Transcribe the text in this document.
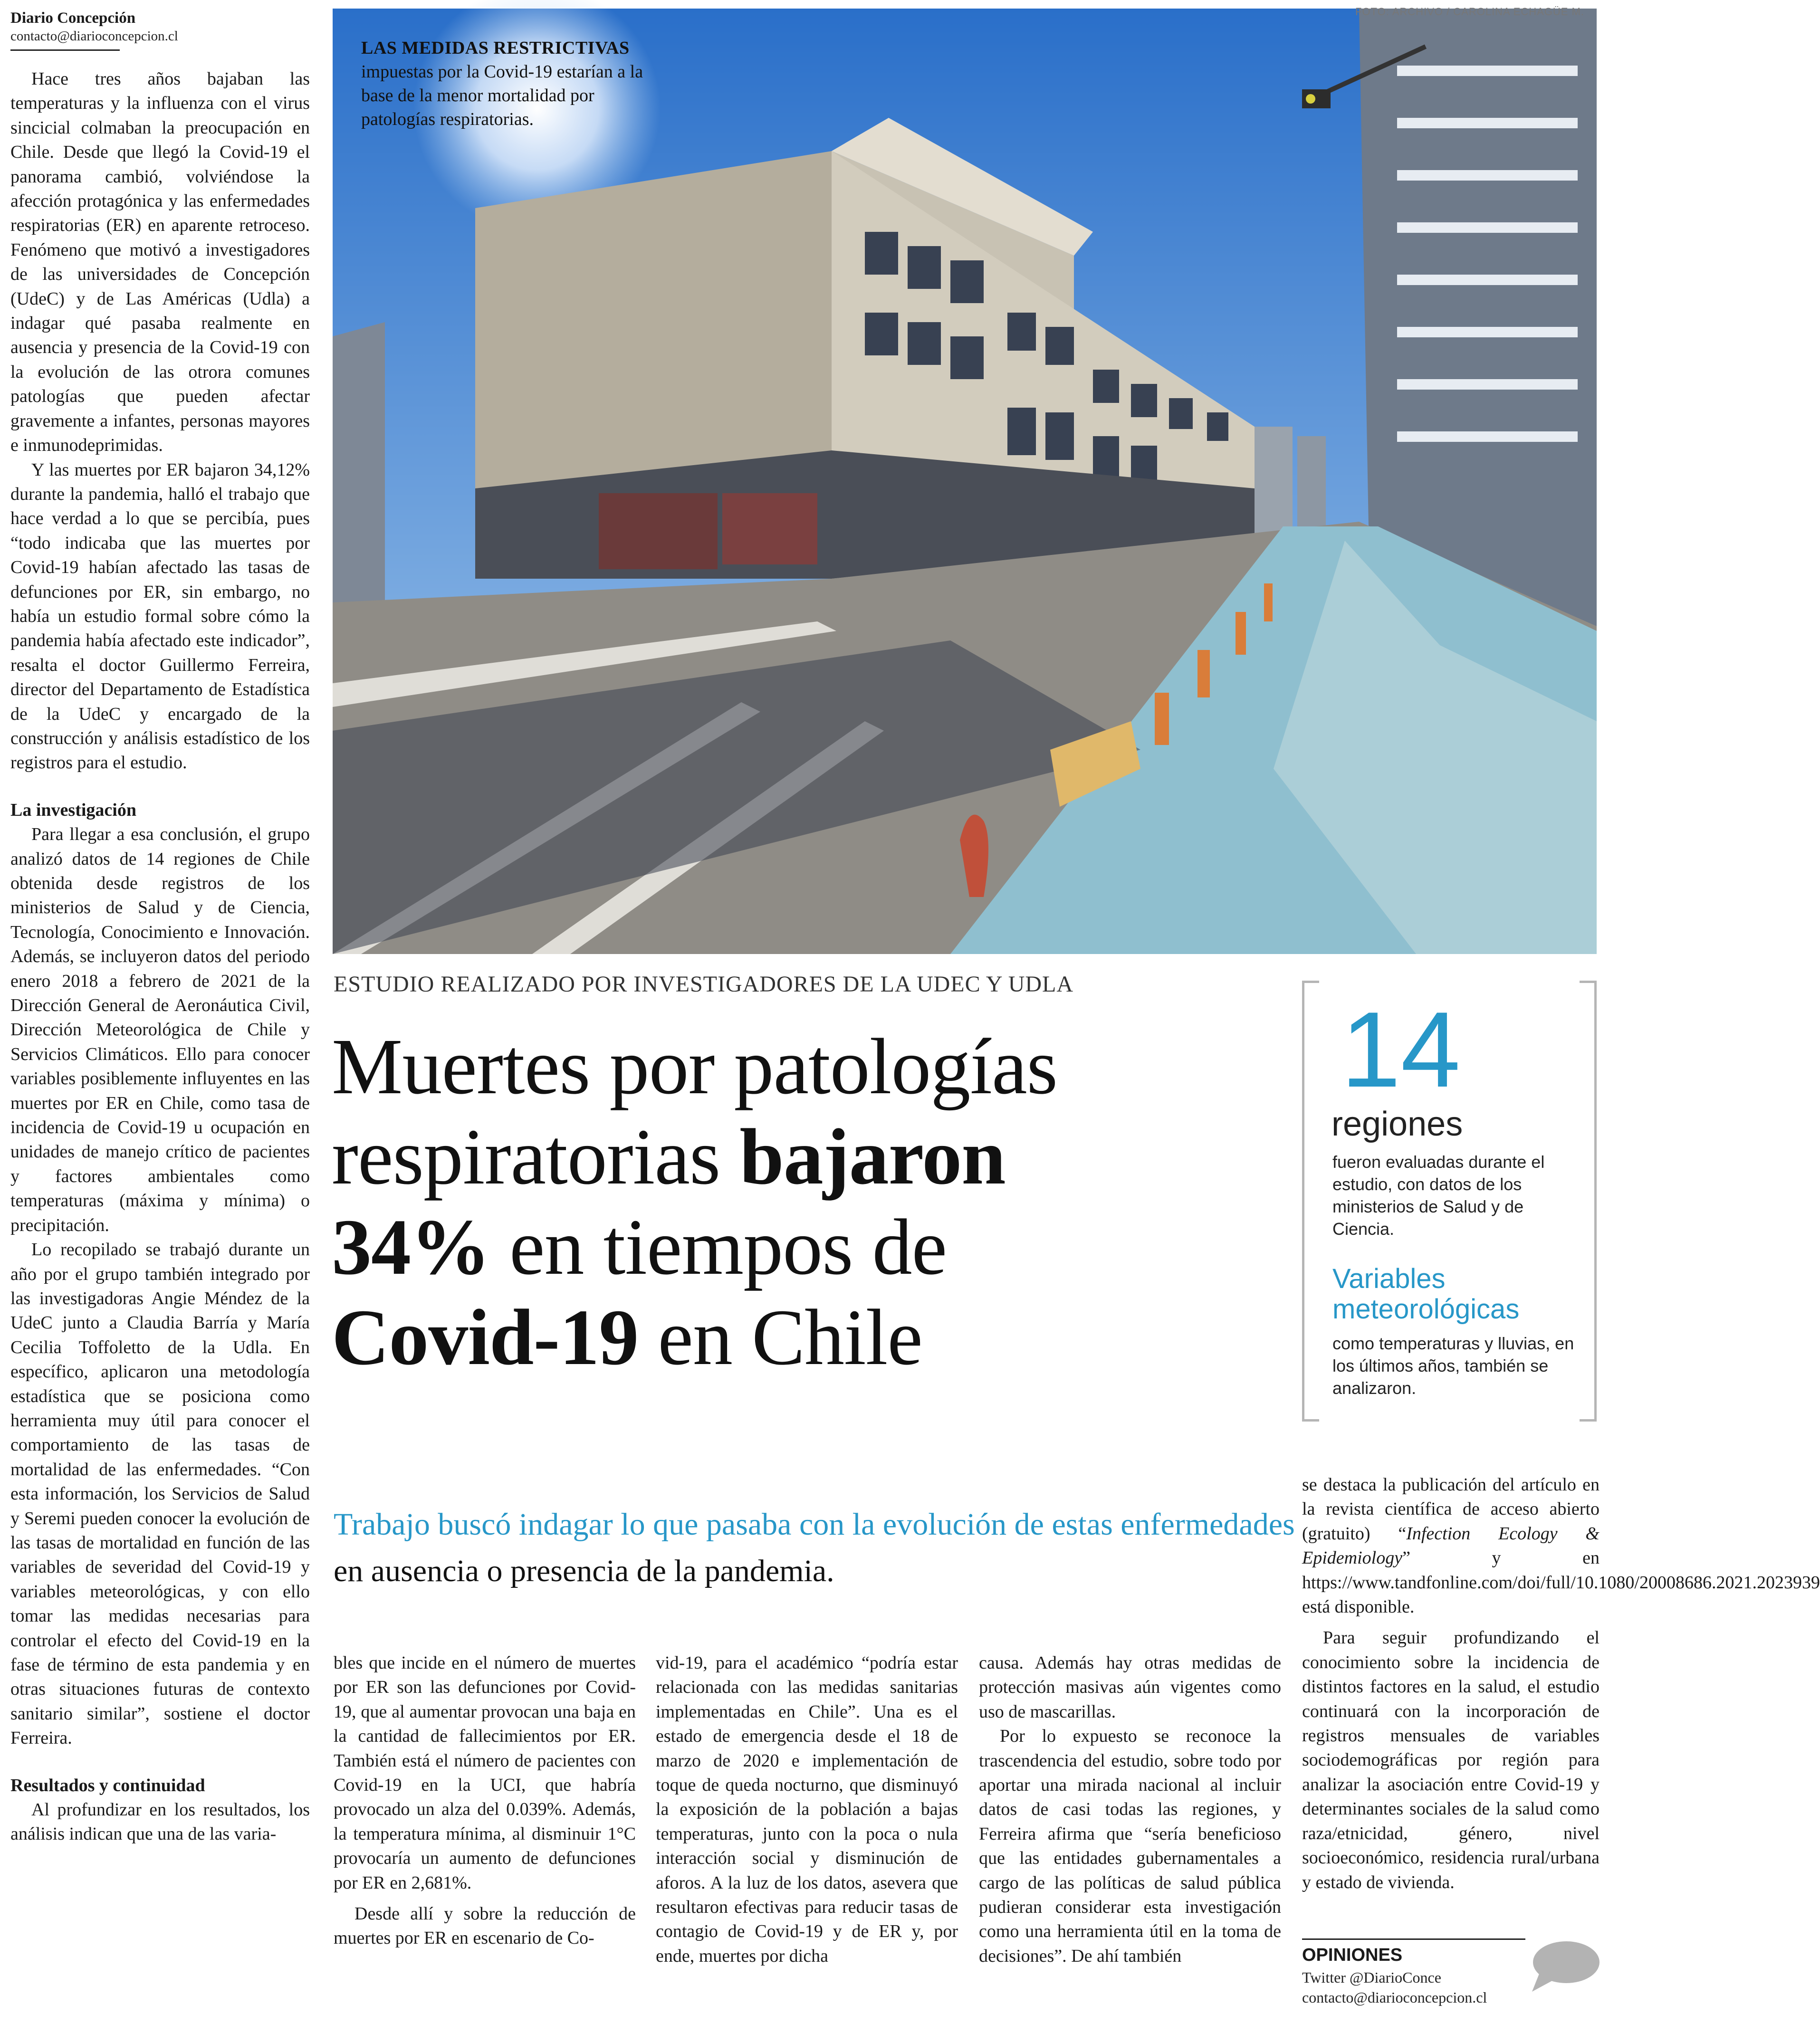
Diario Concepción
contacto@diarioconcepcion.cl

Hace tres años bajaban las temperaturas y la influenza con el virus sincicial colmaban la preocupación en Chile. Desde que llegó la Covid-19 el panorama cambió, volviéndose la afección protagónica y las enfermedades respiratorias (ER) en aparente retroceso. Fenómeno que motivó a investigadores de las universidades de Concepción (UdeC) y de Las Américas (Udla) a indagar qué pasaba realmente en ausencia y presencia de la Covid-19 con la evolución de las otrora comunes patologías que pueden afectar gravemente a infantes, personas mayores e inmunodeprimidas.

Y las muertes por ER bajaron 34,12% durante la pandemia, halló el trabajo que hace verdad a lo que se percibía, pues “todo indicaba que las muertes por Covid-19 habían afectado las tasas de defunciones por ER, sin embargo, no había un estudio formal sobre cómo la pandemia había afectado este indicador”, resalta el doctor Guillermo Ferreira, director del Departamento de Estadística de la UdeC y encargado de la construcción y análisis estadístico de los registros para el estudio.

La investigación

Para llegar a esa conclusión, el grupo analizó datos de 14 regiones de Chile obtenida desde registros de los ministerios de Salud y de Ciencia, Tecnología, Conocimiento e Innovación. Además, se incluyeron datos del periodo enero 2018 a febrero de 2021 de la Dirección General de Aeronáutica Civil, Dirección Meteorológica de Chile y Servicios Climáticos. Ello para conocer variables posiblemente influyentes en las muertes por ER en Chile, como tasa de incidencia de Covid-19 u ocupación en unidades de manejo crítico de pacientes y factores ambientales como temperaturas (máxima y mínima) o precipitación.

Lo recopilado se trabajó durante un año por el grupo también integrado por las investigadoras Angie Méndez de la UdeC junto a Claudia Barría y María Cecilia Toffoletto de la Udla. En específico, aplicaron una metodología estadística que se posiciona como herramienta muy útil para conocer el comportamiento de las tasas de mortalidad de las enfermedades. “Con esta información, los Servicios de Salud y Seremi pueden conocer la evolución de las tasas de mortalidad en función de las variables de severidad del Covid-19 y variables meteorológicas, y con ello tomar las medidas necesarias para controlar el efecto del Covid-19 en la fase de término de esta pandemia y en otras situaciones futuras de contexto sanitario similar”, sostiene el doctor Ferreira.

Resultados y continuidad

Al profundizar en los resultados, los análisis indican que una de las varia-

FOTO: ARCHIVO / CAROLINA ECHAGÜE M.
LAS MEDIDAS RESTRICTIVAS
impuestas por la Covid-19 estarían a la base de la menor mortalidad por patologías respiratorias.
ESTUDIO REALIZADO POR INVESTIGADORES DE LA UDEC Y UDLA
Muertes por patologías
respiratorias bajaron
34% en tiempos de
Covid-19 en Chile
Trabajo buscó indagar lo que pasaba con la evolución de estas enfermedades en ausencia o presencia de la pandemia.
14
regiones
fueron evaluadas durante el estudio, con datos de los ministerios de Salud y de Ciencia.
Variables meteorológicas
como temperaturas y lluvias, en los últimos años, también se analizaron.

bles que incide en el número de muertes por ER son las defunciones por Covid-19, que al aumentar provocan una baja en la cantidad de fallecimientos por ER. También está el número de pacientes con Covid-19 en la UCI, que habría provocado un alza del 0.039%. Además, la temperatura mínima, al disminuir 1°C provocaría un aumento de defunciones por ER en 2,681%.

Desde allí y sobre la reducción de muertes por ER en escenario de Co-

vid-19, para el académico “podría estar relacionada con las medidas sanitarias implementadas en Chile”. Una es el estado de emergencia desde el 18 de marzo de 2020 e implementación de toque de queda nocturno, que disminuyó la exposición de la población a bajas temperaturas, junto con la poca o nula interacción social y disminución de aforos. A la luz de los datos, asevera que resultaron efectivas para reducir tasas de contagio de Covid-19 y de ER y, por ende, muertes por dicha

causa. Además hay otras medidas de protección masivas aún vigentes como uso de mascarillas.

Por lo expuesto se reconoce la trascendencia del estudio, sobre todo por aportar una mirada nacional al incluir datos de casi todas las regiones, y Ferreira afirma que “sería beneficioso que las entidades gubernamentales a cargo de las políticas de salud pública pudieran considerar esta investigación como una herramienta útil en la toma de decisiones”. De ahí también

se destaca la publicación del artículo en la revista científica de acceso abierto (gratuito) “Infection Ecology & Epidemiology” y en https://www.tandfonline.com/doi/full/10.1080/20008686.2021.2023939 está disponible.

Para seguir profundizando el conocimiento sobre la incidencia de distintos factores en la salud, el estudio continuará con la incorporación de registros mensuales de variables sociodemográficas por región para analizar la asociación entre Covid-19 y determinantes sociales de la salud como raza/etnicidad, género, nivel socioeconómico, residencia rural/urbana y estado de vivienda.

OPINIONES
Twitter @DiarioConce
contacto@diarioconcepcion.cl
